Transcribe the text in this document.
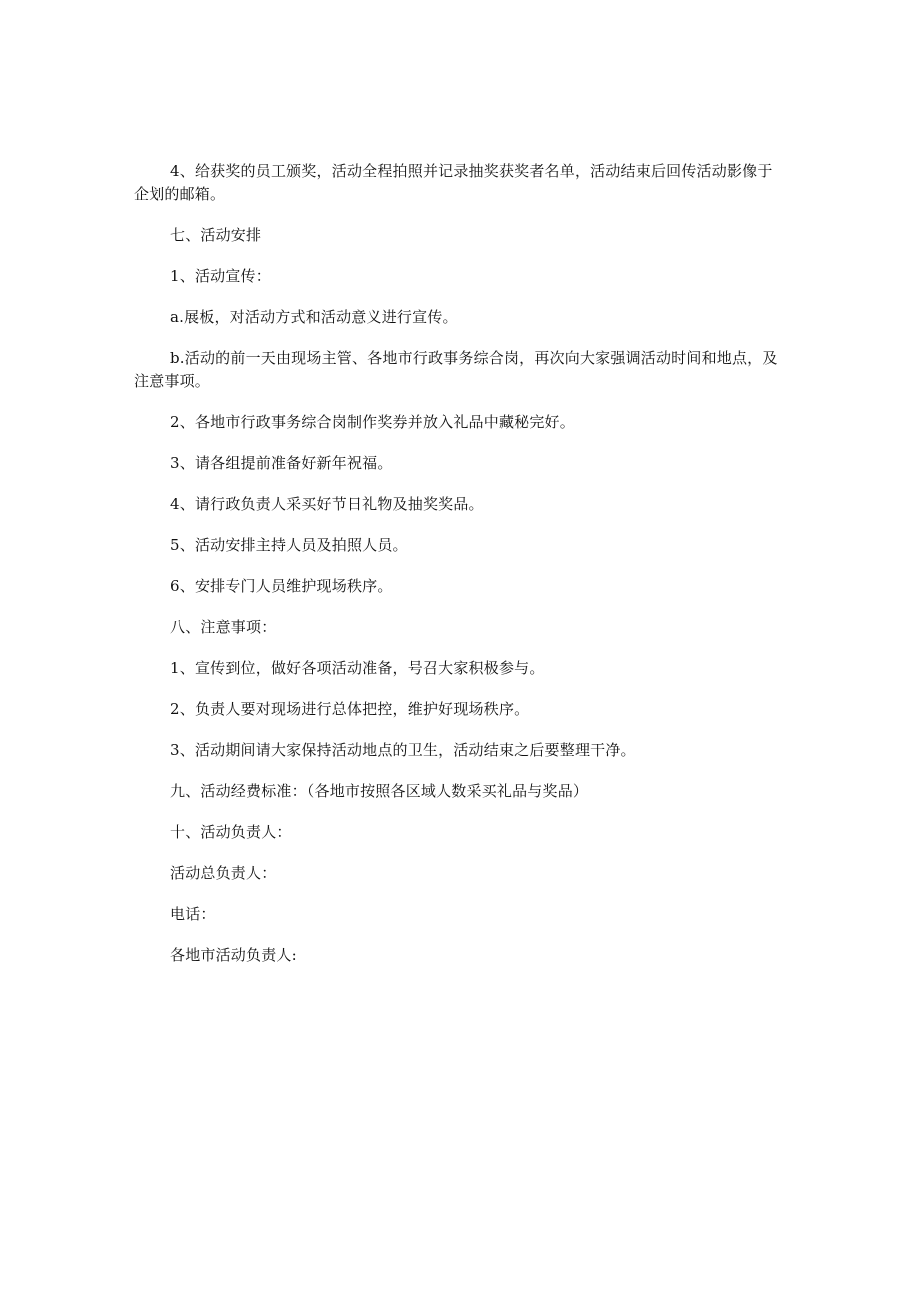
4、给获奖的员工颁奖，活动全程拍照并记录抽奖获奖者名单，活动结束后回传活动影像于企划的邮箱。

七、活动安排

1、活动宣传：

a.展板，对活动方式和活动意义进行宣传。

b.活动的前一天由现场主管、各地市行政事务综合岗，再次向大家强调活动时间和地点，及注意事项。

2、各地市行政事务综合岗制作奖券并放入礼品中藏秘完好。

3、请各组提前准备好新年祝福。

4、请行政负责人采买好节日礼物及抽奖奖品。

5、活动安排主持人员及拍照人员。

6、安排专门人员维护现场秩序。

八、注意事项：

1、宣传到位，做好各项活动准备，号召大家积极参与。

2、负责人要对现场进行总体把控，维护好现场秩序。

3、活动期间请大家保持活动地点的卫生，活动结束之后要整理干净。

九、活动经费标准：（各地市按照各区域人数采买礼品与奖品）

十、活动负责人：

活动总负责人：

电话：

各地市活动负责人:
